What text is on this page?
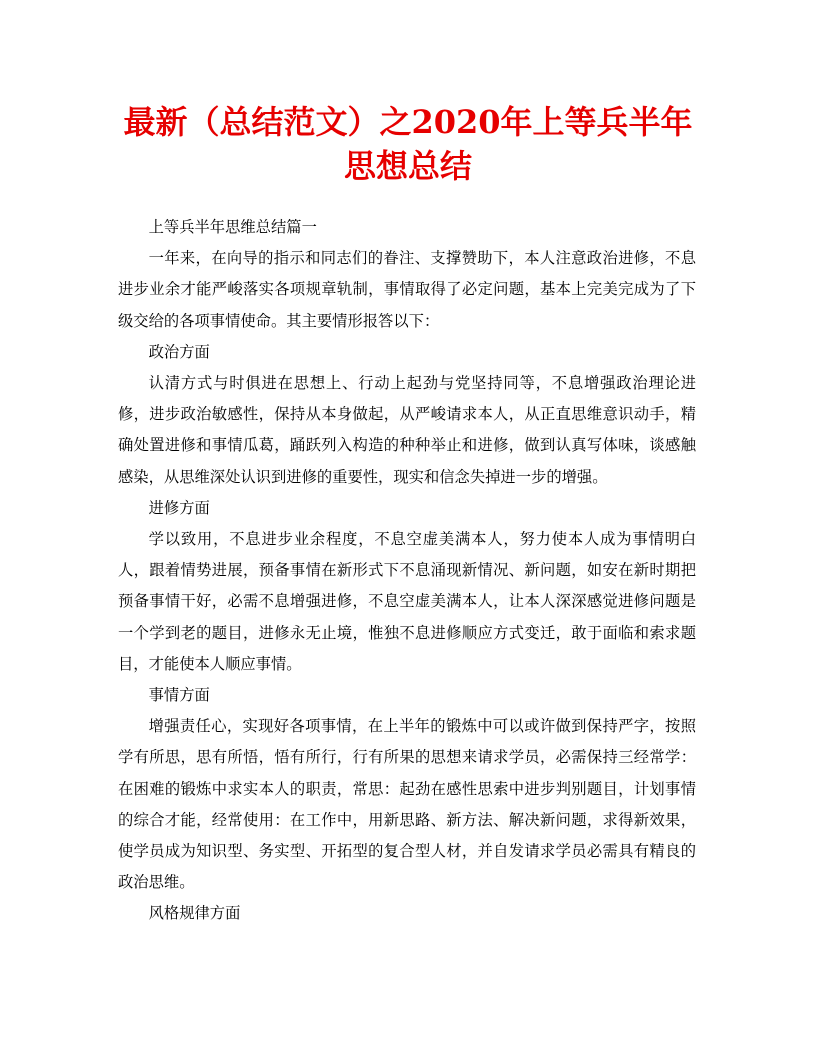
最新（总结范文）之2020年上等兵半年
思想总结

上等兵半年思维总结篇一

一年来，在向导的指示和同志们的眷注、支撑赞助下，本人注意政治进修，不息进步业余才能严峻落实各项规章轨制，事情取得了必定问题，基本上完美完成为了下级交给的各项事情使命。其主要情形报答以下：

政治方面

认清方式与时俱进在思想上、行动上起劲与党坚持同等，不息增强政治理论进修，进步政治敏感性，保持从本身做起，从严峻请求本人，从正直思维意识动手，精确处置进修和事情瓜葛，踊跃列入构造的种种举止和进修，做到认真写体味，谈感触感染，从思维深处认识到进修的重要性，现实和信念失掉进一步的增强。

进修方面

学以致用，不息进步业余程度，不息空虚美满本人，努力使本人成为事情明白人，跟着情势进展，预备事情在新形式下不息涌现新情况、新问题，如安在新时期把预备事情干好，必需不息增强进修，不息空虚美满本人，让本人深深感觉进修问题是一个学到老的题目，进修永无止境，惟独不息进修顺应方式变迁，敢于面临和索求题目，才能使本人顺应事情。

事情方面

增强责任心，实现好各项事情，在上半年的锻炼中可以或许做到保持严字，按照学有所思，思有所悟，悟有所行，行有所果的思想来请求学员，必需保持三经常学：在困难的锻炼中求实本人的职责，常思：起劲在感性思索中进步判别题目，计划事情的综合才能，经常使用：在工作中，用新思路、新方法、解决新问题，求得新效果，使学员成为知识型、务实型、开拓型的复合型人材，并自发请求学员必需具有精良的政治思维。

风格规律方面
